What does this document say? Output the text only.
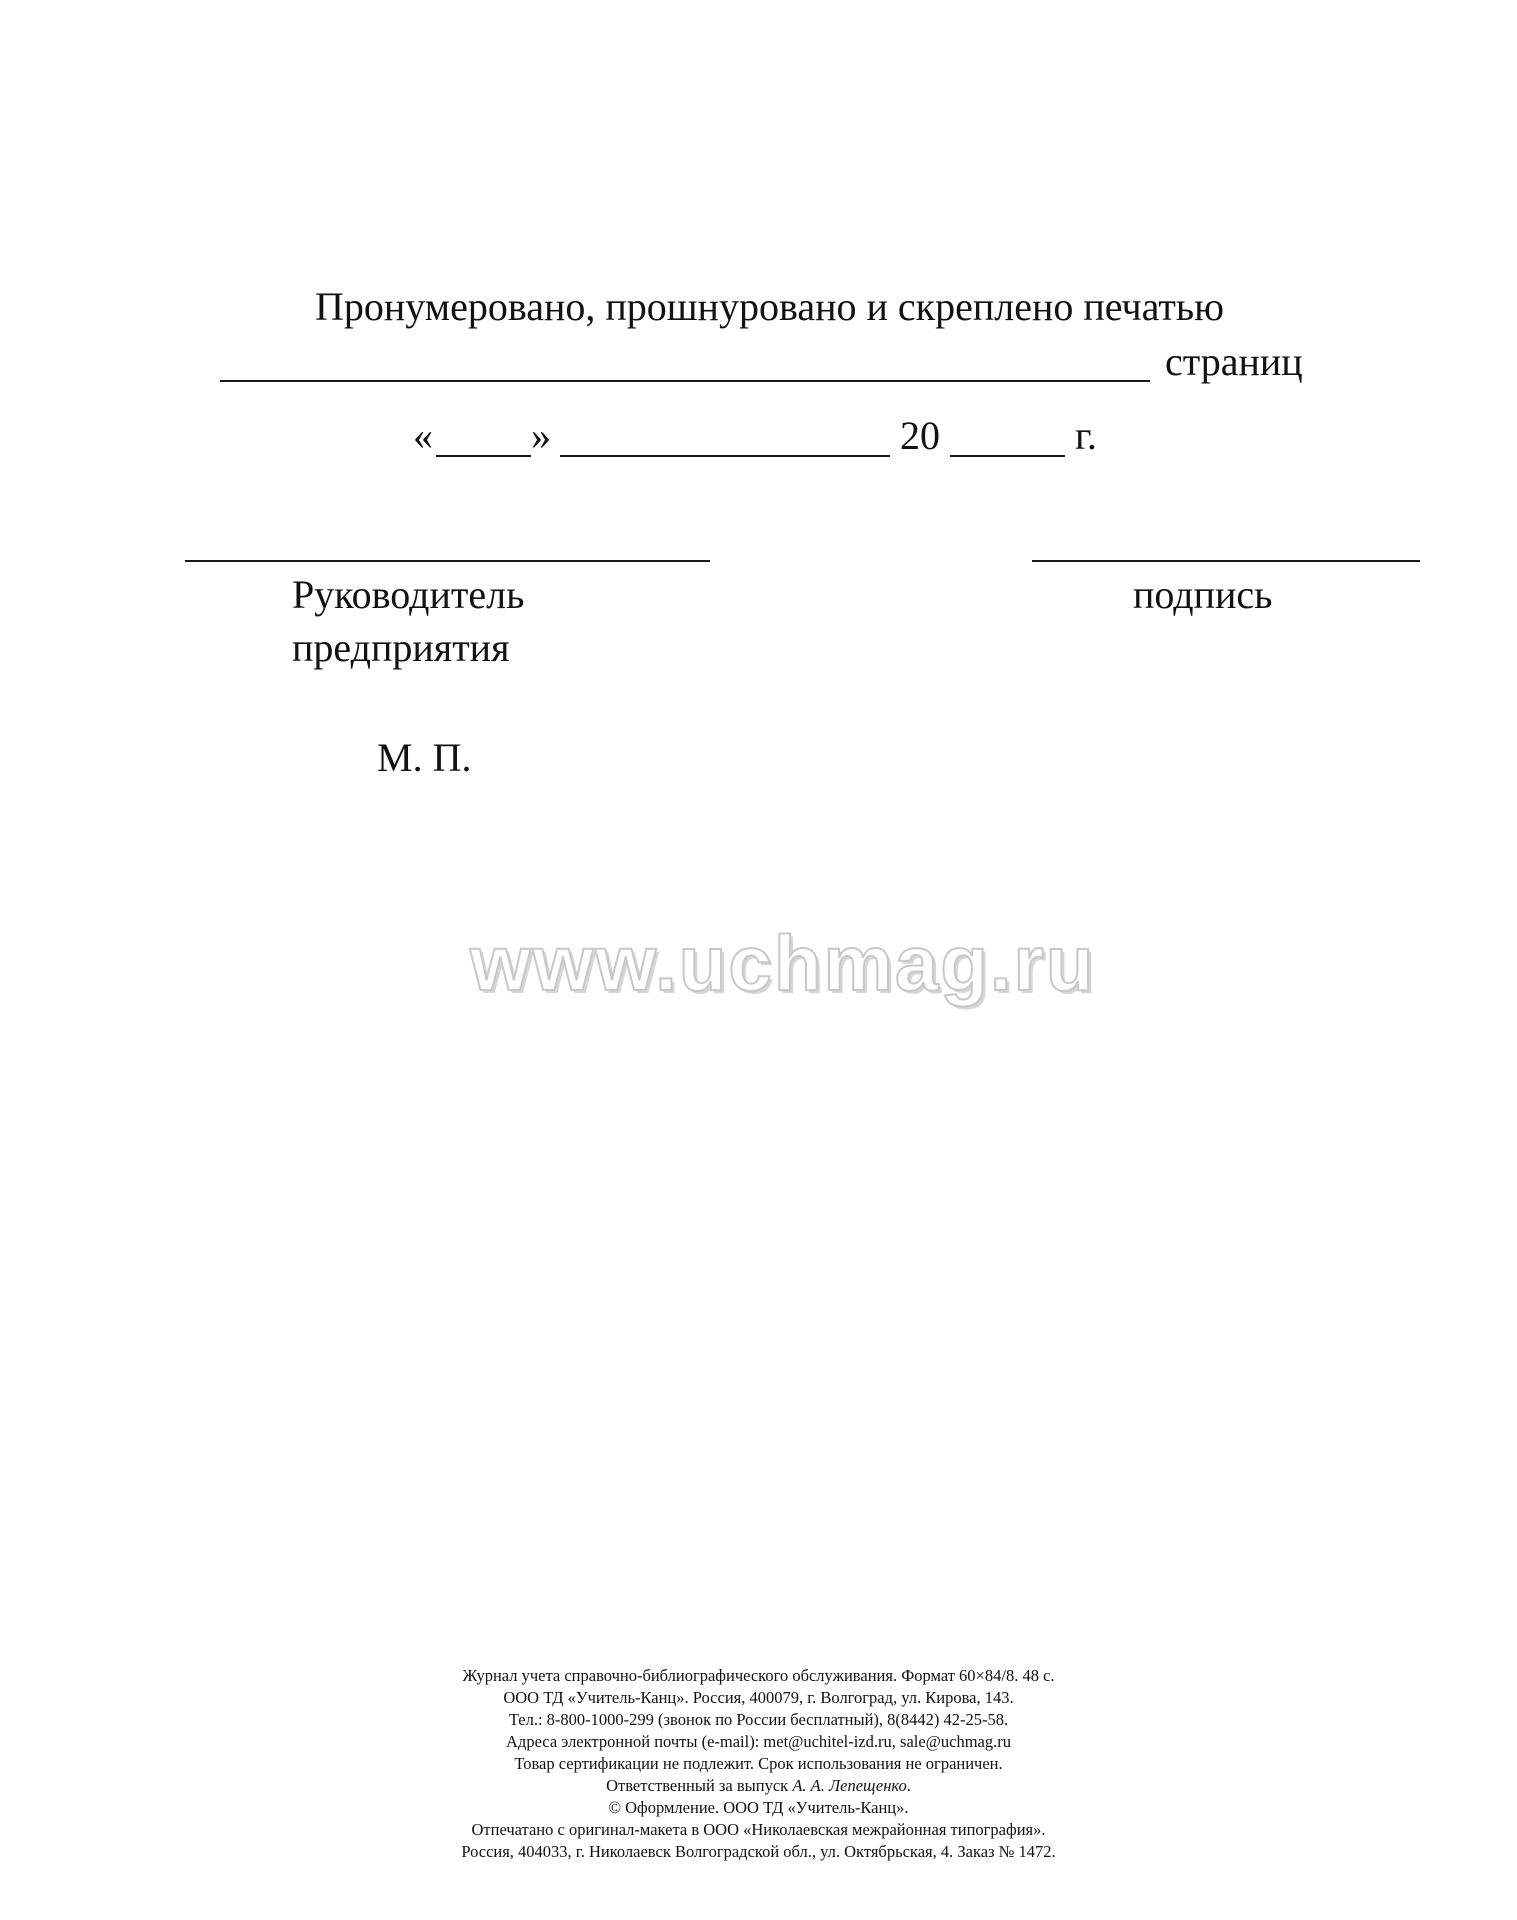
Пронумеровано, прошнуровано и скреплено печатью
страниц
« »	20	г.
Руководитель
предприятия
подпись
М. П.
www.uchmag.ru
Журнал учета справочно-библиографического обслуживания. Формат 60×84/8. 48 с.
ООО ТД «Учитель-Канц». Россия, 400079, г. Волгоград, ул. Кирова, 143.
Тел.: 8-800-1000-299 (звонок по России бесплатный), 8(8442) 42-25-58.
Адреса электронной почты (e-mail): met@uchitel-izd.ru, sale@uchmag.ru
Товар сертификации не подлежит. Срок использования не ограничен.
Ответственный за выпуск А. А. Лепещенко.
© Оформление. ООО ТД «Учитель-Канц».
Отпечатано с оригинал-макета в ООО «Николаевская межрайонная типография».
Россия, 404033, г. Николаевск Волгоградской обл., ул. Октябрьская, 4. Заказ № 1472.
